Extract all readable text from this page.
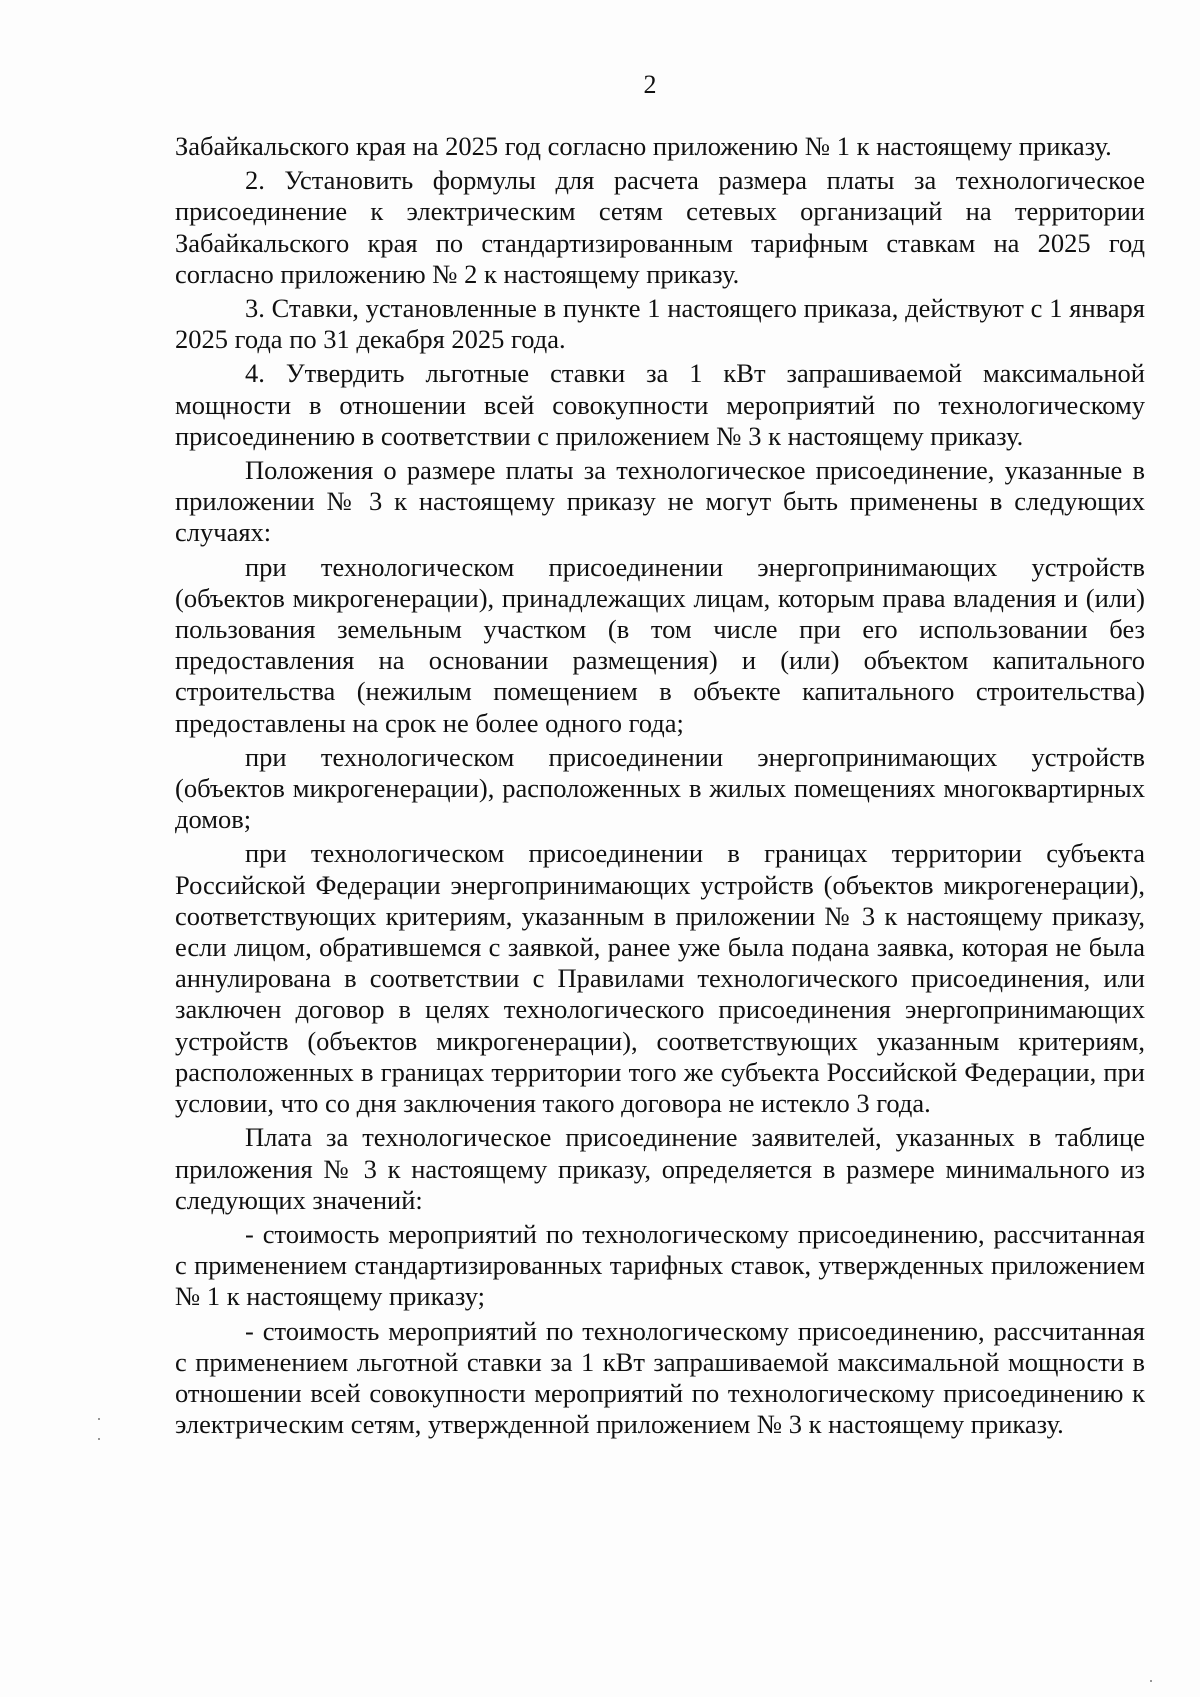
2

Забайкальского края на 2025 год согласно приложению № 1 к настоящему приказу.

2. Установить формулы для расчета размера платы за технологическое присоединение к электрическим сетям сетевых организаций на территории Забайкальского края по стандартизированным тарифным ставкам на 2025 год согласно приложению № 2 к настоящему приказу.

3. Ставки, установленные в пункте 1 настоящего приказа, действуют с 1 января 2025 года по 31 декабря 2025 года.

4. Утвердить льготные ставки за 1 кВт запрашиваемой максимальной мощности в отношении всей совокупности мероприятий по технологическому присоединению в соответствии с приложением № 3 к настоящему приказу.

Положения о размере платы за технологическое присоединение, указанные в приложении № 3 к настоящему приказу не могут быть применены в следующих случаях:

при технологическом присоединении энергопринимающих устройств (объектов микрогенерации), принадлежащих лицам, которым права владения и (или) пользования земельным участком (в том числе при его использовании без предоставления на основании размещения) и (или) объектом капитального строительства (нежилым помещением в объекте капитального строительства) предоставлены на срок не более одного года;

при технологическом присоединении энергопринимающих устройств (объектов микрогенерации), расположенных в жилых помещениях многоквартирных домов;

при технологическом присоединении в границах территории субъекта Российской Федерации энергопринимающих устройств (объектов микрогенерации), соответствующих критериям, указанным в приложении № 3 к настоящему приказу, если лицом, обратившемся с заявкой, ранее уже была подана заявка, которая не была аннулирована в соответствии с Правилами технологического присоединения, или заключен договор в целях технологического присоединения энергопринимающих устройств (объектов микрогенерации), соответствующих указанным критериям, расположенных в границах территории того же субъекта Российской Федерации, при условии, что со дня заключения такого договора не истекло 3 года.

Плата за технологическое присоединение заявителей, указанных в таблице приложения № 3 к настоящему приказу, определяется в размере минимального из следующих значений:

- стоимость мероприятий по технологическому присоединению, рассчитанная с применением стандартизированных тарифных ставок, утвержденных приложением № 1 к настоящему приказу;

- стоимость мероприятий по технологическому присоединению, рассчитанная с применением льготной ставки за 1 кВт запрашиваемой максимальной мощности в отношении всей совокупности мероприятий по технологическому присоединению к электрическим сетям, утвержденной приложением № 3 к настоящему приказу.
